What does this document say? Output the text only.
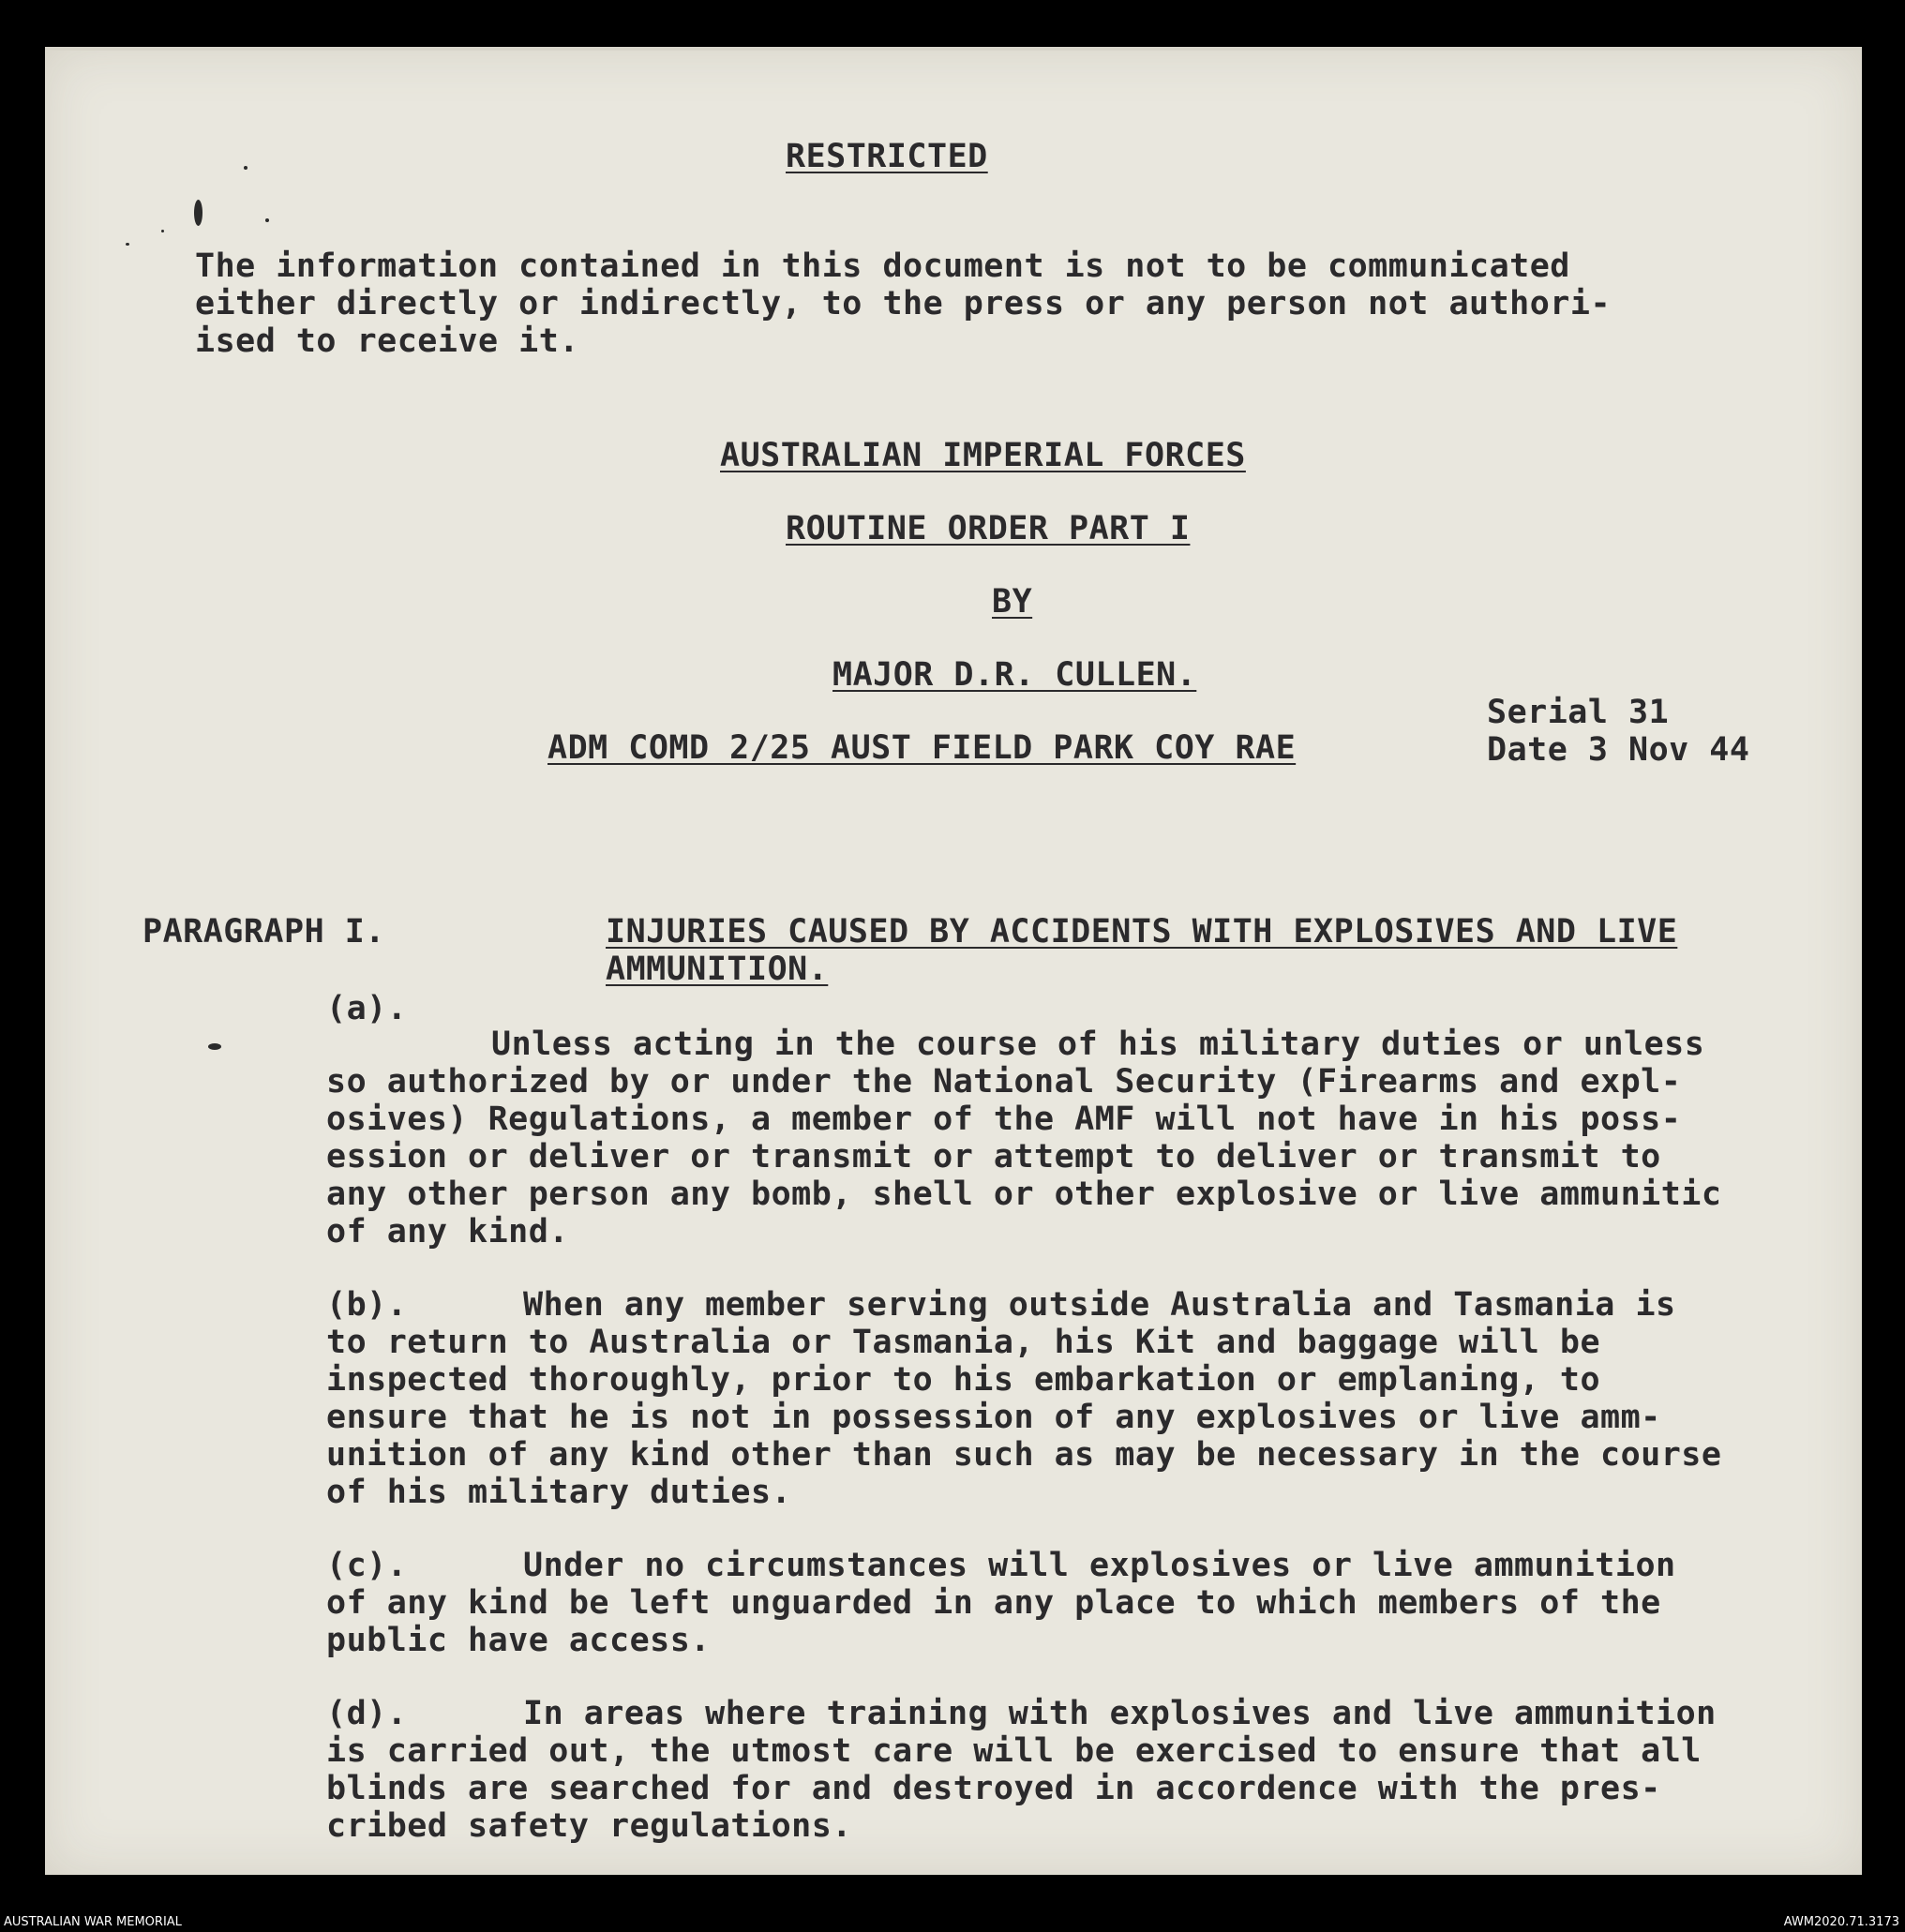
RESTRICTED
The information contained in this document is not to be communicated
either directly or indirectly, to the press or any person not authori-
ised to receive it.
AUSTRALIAN IMPERIAL FORCES
ROUTINE ORDER PART I
BY
MAJOR D.R. CULLEN.
ADM COMD 2/25 AUST FIELD PARK COY RAE
Serial 31
Date 3 Nov 44
PARAGRAPH I.	INJURIES CAUSED BY ACCIDENTS WITH EXPLOSIVES AND LIVE
AMMUNITION.
(a).
Unless acting in the course of his military duties or unless
so authorized by or under the National Security (Firearms and expl-
osives) Regulations, a member of the AMF will not have in his poss-
ession or deliver or transmit or attempt to deliver or transmit to
any other person any bomb, shell or other explosive or live ammunitic
of any kind.
(b).	When any member serving outside Australia and Tasmania is
to return to Australia or Tasmania, his Kit and baggage will be
inspected thoroughly, prior to his embarkation or emplaning, to
ensure that he is not in possession of any explosives or live amm-
unition of any kind other than such as may be necessary in the course
of his military duties.
(c).	Under no circumstances will explosives or live ammunition
of any kind be left unguarded in any place to which members of the
public have access.
(d).	In areas where training with explosives and live ammunition
is carried out, the utmost care will be exercised to ensure that all
blinds are searched for and destroyed in accordence with the pres-
cribed safety regulations.
AUSTRALIAN WAR MEMORIAL	AWM2020.71.3173
